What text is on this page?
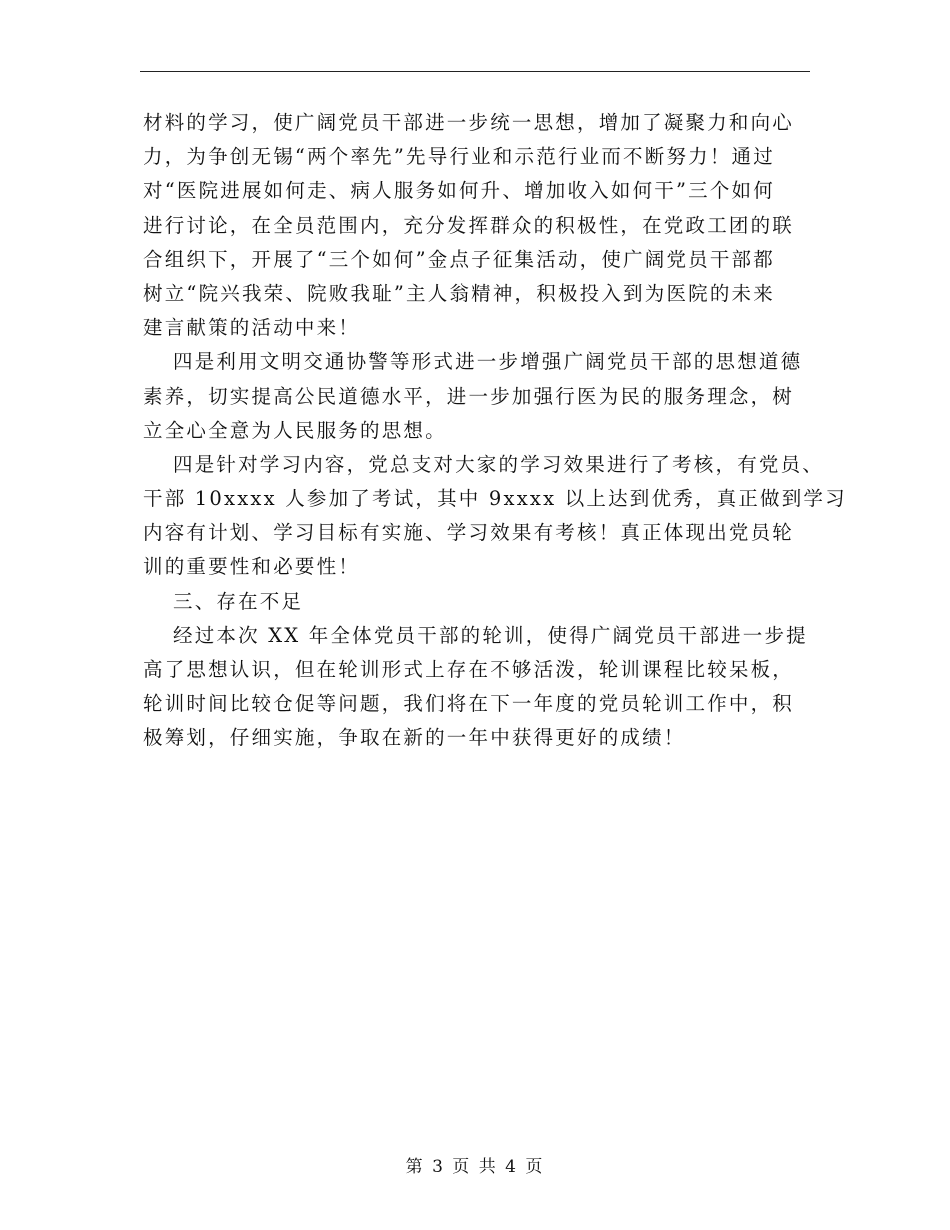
材料的学习，使广阔党员干部进一步统一思想，增加了凝聚力和向心
力，为争创无锡“两个率先”先导行业和示范行业而不断努力！通过
对“医院进展如何走、病人服务如何升、增加收入如何干”三个如何
进行讨论，在全员范围内，充分发挥群众的积极性，在党政工团的联
合组织下，开展了“三个如何”金点子征集活动，使广阔党员干部都
树立“院兴我荣、院败我耻”主人翁精神，积极投入到为医院的未来
建言献策的活动中来！
四是利用文明交通协警等形式进一步增强广阔党员干部的思想道德
素养，切实提高公民道德水平，进一步加强行医为民的服务理念，树
立全心全意为人民服务的思想。
四是针对学习内容，党总支对大家的学习效果进行了考核，有党员、
干部 10xxxx 人参加了考试，其中 9xxxx 以上达到优秀，真正做到学习
内容有计划、学习目标有实施、学习效果有考核！真正体现出党员轮
训的重要性和必要性！
三、存在不足
经过本次 XX 年全体党员干部的轮训，使得广阔党员干部进一步提
高了思想认识，但在轮训形式上存在不够活泼，轮训课程比较呆板，
轮训时间比较仓促等问题，我们将在下一年度的党员轮训工作中，积
极筹划，仔细实施，争取在新的一年中获得更好的成绩！
第 3 页 共 4 页
